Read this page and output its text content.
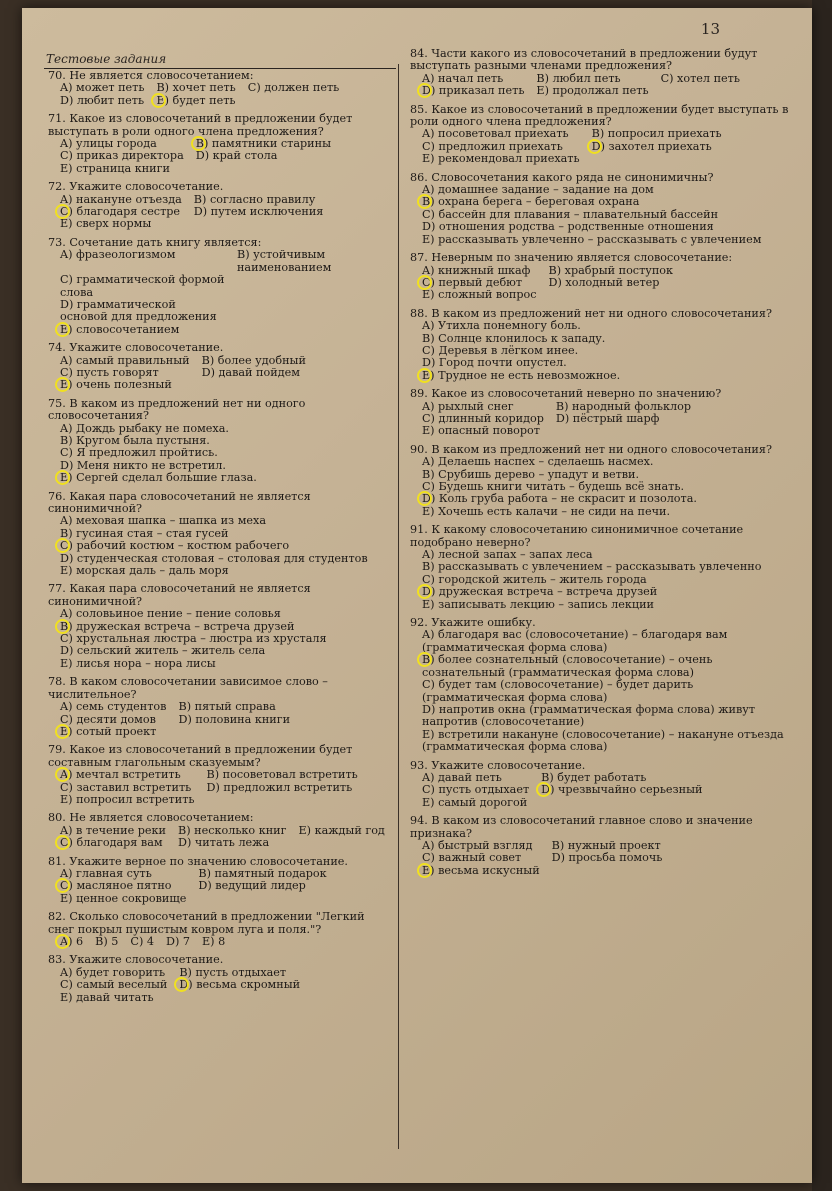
13
Тестовые задания
70. Не является словосочетанием:
A) может петь B) хочет петь C) должен петь
D) любит петь E) будет петь
71. Какое из словосочетаний в предложении будет выступать в роли одного члена предложения?
A) улицы города	B) памятники старины
C) приказ директора D) край стола
E) страница книги
72. Укажите словосочетание.
A) накануне отъезда B) согласно правилу
C) благодаря сестре D) путем исключения
E) сверх нормы
73. Сочетание дать книгу является:
A) фразеологизмом	B) устойчивым наименованием
C) грамматической формой слова
D) грамматической основой для предложения
E) словосочетанием
74. Укажите словосочетание.
A) самый правильный B) более удобный
C) пусть говорят	D) давай пойдем
E) очень полезный
75. В каком из предложений нет ни одного словосочетания?
A) Дождь рыбаку не помеха.
B) Кругом была пустыня.
C) Я предложил пройтись.
D) Меня никто не встретил.
E) Сергей сделал большие глаза.
76. Какая пара словосочетаний не является синонимичной?
A) меховая шапка – шапка из меха
B) гусиная стая – стая гусей
C) рабочий костюм – костюм рабочего
D) студенческая столовая – столовая для студентов
E) морская даль – даль моря
77. Какая пара словосочетаний не является синонимичной?
A) соловьиное пение – пение соловья
B) дружеская встреча – встреча друзей
C) хрустальная люстра – люстра из хрусталя
D) сельский житель – житель села
E) лисья нора – нора лисы
78. В каком словосочетании зависимое слово – числительное?
A) семь студентов B) пятый справа
C) десяти домов	D) половина книги
E) сотый проект
79. Какое из словосочетаний в предложении будет составным глагольным сказуемым?
A) мечтал встретить	B) посоветовал встретить
C) заставил встретить D) предложил встретить
E) попросил встретить
80. Не является словосочетанием:
A) в течение реки B) несколько книг E) каждый год
C) благодаря вам	D) читать лежа
81. Укажите верное по значению словосочетание.
A) главная суть	B) памятный подарок
C) масляное пятно	D) ведущий лидер
E) ценное сокровище
82. Сколько словосочетаний в предложении "Легкий снег покрыл пушистым ковром луга и поля."?
A) 6 B) 5 C) 4 D) 7 E) 8
83. Укажите словосочетание.
A) будет говорить B) пусть отдыхает
C) самый веселый D) весьма скромный
E) давай читать
84. Части какого из словосочетаний в предложении будут выступать разными членами предложения?
A) начал петь	B) любил петь	C) хотел петь
D) приказал петь E) продолжал петь
85. Какое из словосочетаний в предложении будет выступать в роли одного члена предложения?
A) посоветовал приехать	B) попросил приехать
C) предложил приехать	D) захотел приехать
E) рекомендовал приехать
86. Словосочетания какого ряда не синонимичны?
A) домашнее задание – задание на дом
B) охрана берега – береговая охрана
C) бассейн для плавания – плавательный бассейн
D) отношения родства – родственные отношения
E) рассказывать увлеченно – рассказывать с увлечением
87. Неверным по значению является словосочетание:
A) книжный шкаф	B) храбрый поступок
C) первый дебют	D) холодный ветер
E) сложный вопрос
88. В каком из предложений нет ни одного словосочетания?
A) Утихла понемногу боль.
B) Солнце клонилось к западу.
C) Деревья в лёгком инее.
D) Город почти опустел.
E) Трудное не есть невозможное.
89. Какое из словосочетаний неверно по значению?
A) рыхлый снег	B) народный фольклор
C) длинный коридор D) пёстрый шарф
E) опасный поворот
90. В каком из предложений нет ни одного словосочетания?
A) Делаешь наспех – сделаешь насмех.
B) Срубишь дерево – упадут и ветви.
C) Будешь книги читать – будешь всё знать.
D) Коль груба работа – не скрасит и позолота.
E) Хочешь есть калачи – не сиди на печи.
91. К какому словосочетанию синонимичное сочетание подобрано неверно?
A) лесной запах – запах леса
B) рассказывать с увлечением – рассказывать увлеченно
C) городской житель – житель города
D) дружеская встреча – встреча друзей
E) записывать лекцию – запись лекции
92. Укажите ошибку.
A) благодаря вас (словосочетание) – благодаря вам (грамматическая форма слова)
B) более сознательный (словосочетание) – очень сознательный (грамматическая форма слова)
C) будет там (словосочетание) – будет дарить (грамматическая форма слова)
D) напротив окна (грамматическая форма слова) живут напротив (словосочетание)
E) встретили накануне (словосочетание) – накануне отъезда (грамматическая форма слова)
93. Укажите словосочетание.
A) давай петь	B) будет работать
C) пусть отдыхает D) чрезвычайно серьезный
E) самый дорогой
94. В каком из словосочетаний главное слово и значение признака?
A) быстрый взгляд	B) нужный проект
C) важный совет	D) просьба помочь
E) весьма искусный
